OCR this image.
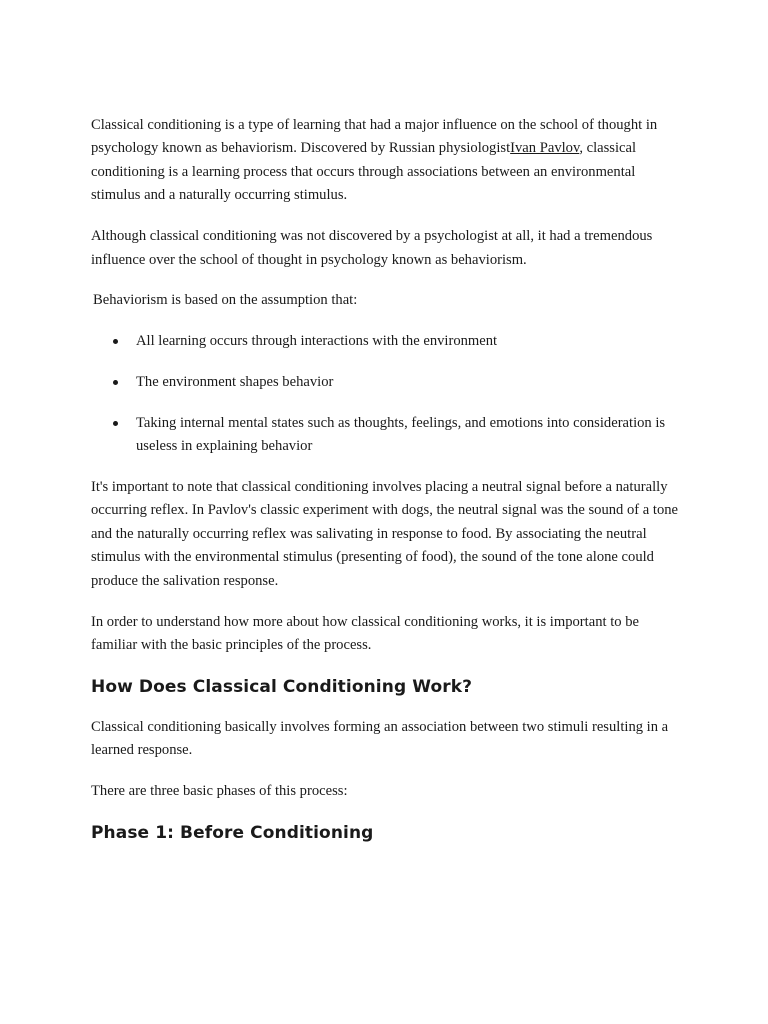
Classical conditioning is a type of learning that had a major influence on the school of thought in psychology known as behaviorism. Discovered by Russian physiologistIvan Pavlov, classical conditioning is a learning process that occurs through associations between an environmental stimulus and a naturally occurring stimulus.

Although classical conditioning was not discovered by a psychologist at all, it had a tremendous influence over the school of thought in psychology known as behaviorism.

Behaviorism is based on the assumption that:

All learning occurs through interactions with the environment
The environment shapes behavior
Taking internal mental states such as thoughts, feelings, and emotions into consideration is useless in explaining behavior

It's important to note that classical conditioning involves placing a neutral signal before a naturally occurring reflex. In Pavlov's classic experiment with dogs, the neutral signal was the sound of a tone and the naturally occurring reflex was salivating in response to food. By associating the neutral stimulus with the environmental stimulus (presenting of food), the sound of the tone alone could produce the salivation response.

In order to understand how more about how classical conditioning works, it is important to be familiar with the basic principles of the process.

How Does Classical Conditioning Work?

Classical conditioning basically involves forming an association between two stimuli resulting in a learned response.

There are three basic phases of this process:

Phase 1: Before Conditioning
